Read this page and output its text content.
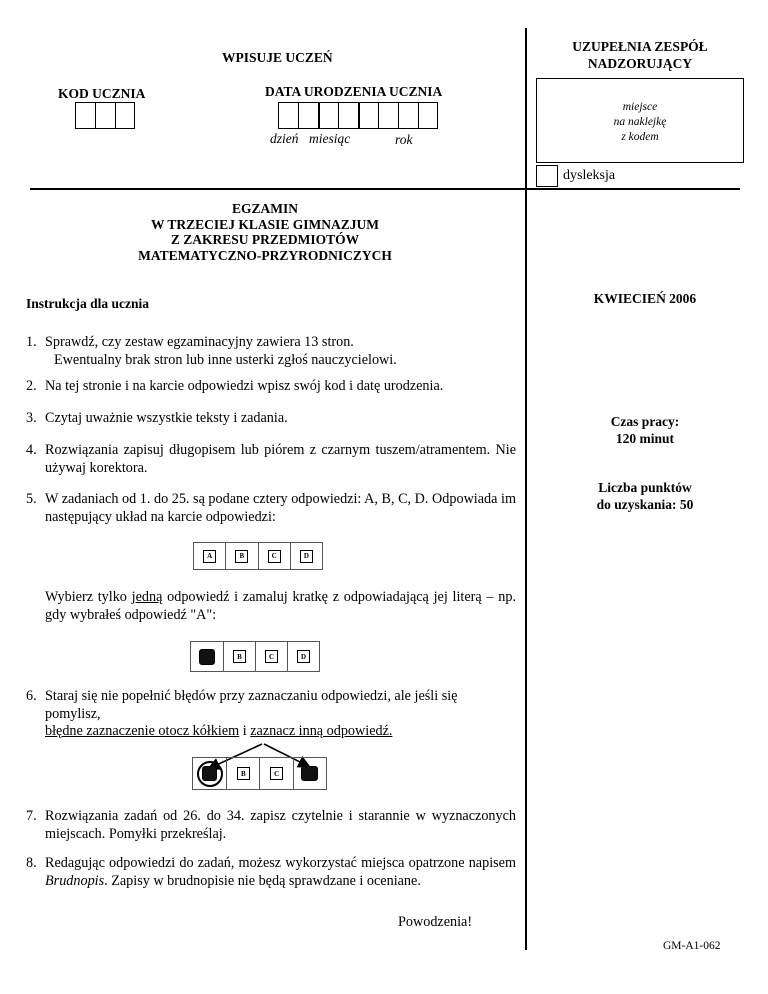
WPISUJE UCZEŃ
KOD UCZNIA	DATA URODZENIA UCZNIA
dzień miesiąc	rok
UZUPEŁNIA ZESPÓŁ
NADZORUJĄCY
miejsce
na naklejkę
z kodem
dysleksja
EGZAMIN
W TRZECIEJ KLASIE GIMNAZJUM
Z ZAKRESU PRZEDMIOTÓW
MATEMATYCZNO-PRZYRODNICZYCH
Instrukcja dla ucznia	KWIECIEŃ 2006
Czas pracy:
120 minut
Liczba punktów
do uzyskania: 50
GM-A1-062
1. Sprawdź, czy zestaw egzaminacyjny zawiera 13 stron.
Ewentualny brak stron lub inne usterki zgłoś nauczycielowi.
2. Na tej stronie i na karcie odpowiedzi wpisz swój kod i datę urodzenia.
3. Czytaj uważnie wszystkie teksty i zadania.
4. Rozwiązania zapisuj długopisem lub piórem z czarnym tuszem/atramentem. Nie używaj korektora.
5. W zadaniach od 1. do 25. są podane cztery odpowiedzi: A, B, C, D. Odpowiada im następujący układ na karcie odpowiedzi:
A	B	C	D
Wybierz tylko jedną odpowiedź i zamaluj kratkę z odpowiadającą jej literą – np. gdy wybrałeś odpowiedź "A":
B	C	D
6. Staraj się nie popełnić błędów przy zaznaczaniu odpowiedzi, ale jeśli się pomylisz,
błędne zaznaczenie otocz kółkiem i zaznacz inną odpowiedź.
B	C
7. Rozwiązania zadań od 26. do 34. zapisz czytelnie i starannie w wyznaczonych miejscach. Pomyłki przekreślaj.
8. Redagując odpowiedzi do zadań, możesz wykorzystać miejsca opatrzone napisem Brudnopis. Zapisy w brudnopisie nie będą sprawdzane i oceniane.
Powodzenia!
